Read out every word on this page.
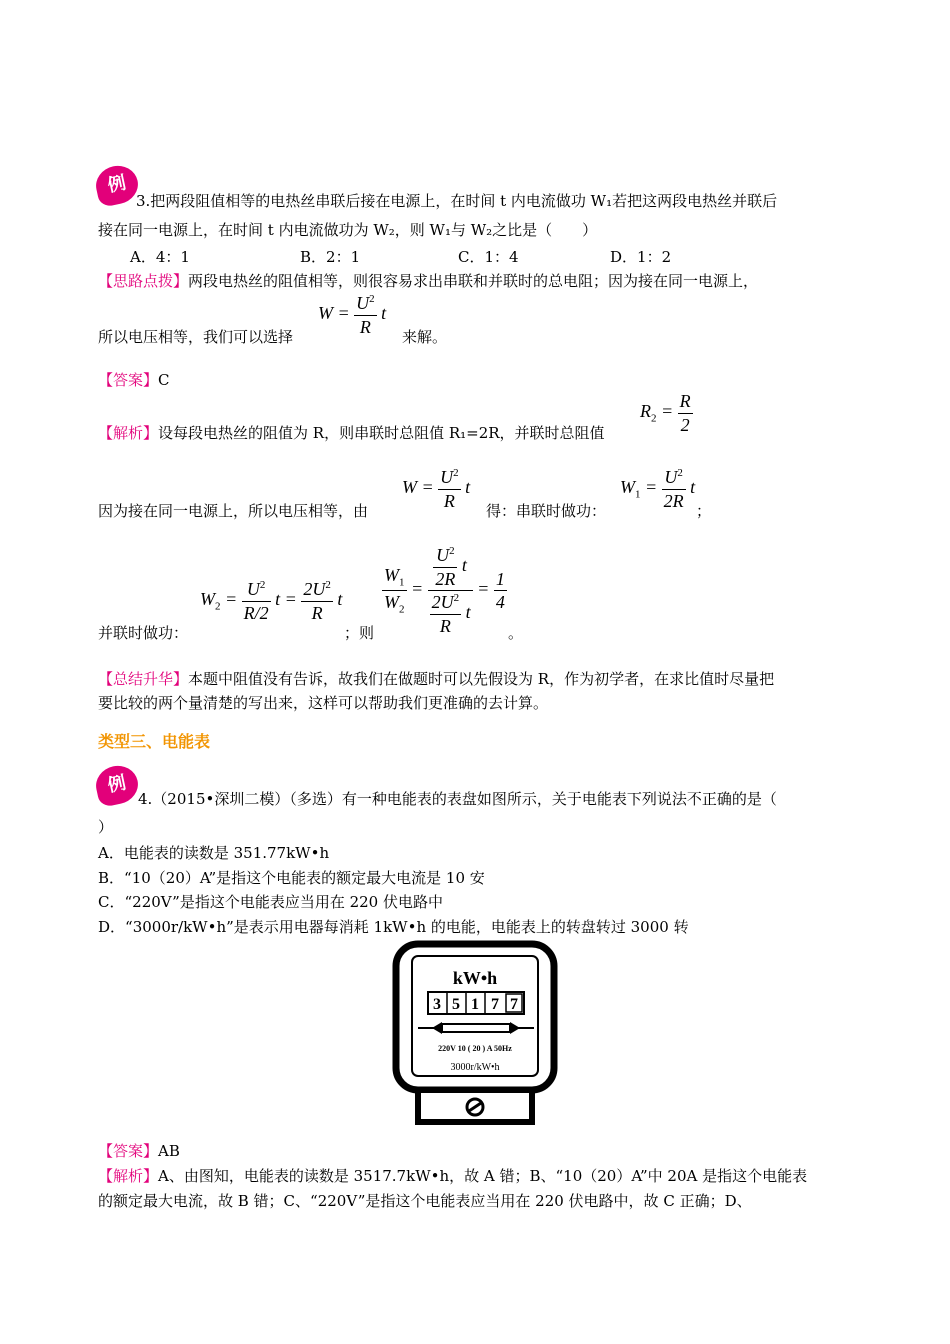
例
3.把两段阻值相等的电热丝串联后接在电源上，在时间 t 内电流做功 W₁若把这两段电热丝并联后
接在同一电源上，在时间 t 内电流做功为 W₂，则 W₁与 W₂之比是（　　）
A．4：1	B．2：1	C．1：4	D．1：2
【思路点拨】两段电热丝的阻值相等，则很容易求出串联和并联时的总电阻；因为接在同一电源上，
所以电压相等，我们可以选择
$W = \frac{U^2}{R}$ t
来解。
【答案】C
【解析】设每段电热丝的阻值为 R，则串联时总阻值 R₁=2R，并联时总阻值
$R_2 = \frac{R}{2}$
因为接在同一电源上，所以电压相等，由
$W = \frac{U^2}{R}$ t
得：串联时做功：
$W_1 = \frac{U^2}{2R}$ t
；
并联时做功：
$W_2 = \frac{U^2}{R/2}$ $t = \frac{2U^2}{R}$ t
；则
$\frac{W_1}{W_2} = \frac{\frac{U^2}{2R} t}{\frac{2U^2}{R} t} = \frac{1}{4}$
。
【总结升华】本题中阻值没有告诉，故我们在做题时可以先假设为 R，作为初学者，在求比值时尽量把
要比较的两个量清楚的写出来，这样可以帮助我们更准确的去计算。
类型三、电能表
例
4.（2015•深圳二模）（多选）有一种电能表的表盘如图所示，关于电能表下列说法不正确的是（
）
A．电能表的读数是 351.77kW•h
B．“10（20）A”是指这个电能表的额定最大电流是 10 安
C．“220V”是指这个电能表应当用在 220 伏电路中
D．“3000r/kW•h”是表示用电器每消耗 1kW•h 的电能，电能表上的转盘转过 3000 转
kW•h
3 5 1 7 7
220V 10 ( 20 ) A 50Hz
3000r/kW•h
【答案】AB
【解析】A、由图知，电能表的读数是 3517.7kW•h，故 A 错；B、“10（20）A”中 20A 是指这个电能表
的额定最大电流，故 B 错；C、“220V”是指这个电能表应当用在 220 伏电路中，故 C 正确；D、
